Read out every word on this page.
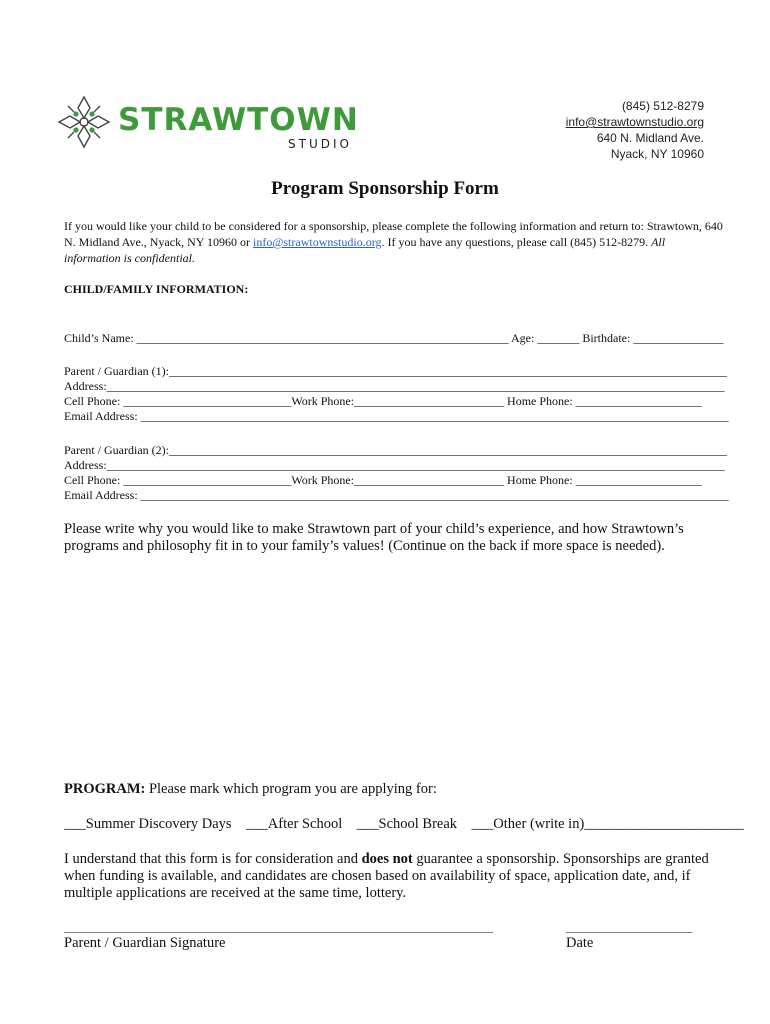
STRAWTOWN
STUDIO
(845) 512-8279
info@strawtownstudio.org
640 N. Midland Ave.
Nyack, NY 10960
Program Sponsorship Form
If you would like your child to be considered for a sponsorship, please complete the following information and return to: Strawtown, 640 N. Midland Ave., Nyack, NY 10960 or info@strawtownstudio.org. If you have any questions, please call (845) 512-8279. All information is confidential.
CHILD/FAMILY INFORMATION:
Child’s Name: ______________________________________________________________ Age: _______ Birthdate: _______________
Parent / Guardian (1):_____________________________________________________________________________________________
Address:_______________________________________________________________________________________________________
Cell Phone: ____________________________Work Phone:_________________________ Home Phone: _____________________
Email Address: __________________________________________________________________________________________________
Parent / Guardian (2):_____________________________________________________________________________________________
Address:_______________________________________________________________________________________________________
Cell Phone: ____________________________Work Phone:_________________________ Home Phone: _____________________
Email Address: __________________________________________________________________________________________________
Please write why you would like to make Strawtown part of your child’s experience, and how Strawtown’s programs and philosophy fit in to your family’s values! (Continue on the back if more space is needed).
PROGRAM: Please mark which program you are applying for:
___Summer Discovery Days    ___After School    ___School Break    ___Other (write in)______________________
I understand that this form is for consideration and does not guarantee a sponsorship. Sponsorships are granted when funding is available, and candidates are chosen based on availability of space, application date, and, if multiple applications are received at the same time, lottery.
______________________________________________________________________________
Parent / Guardian Signature
_______________________
Date
